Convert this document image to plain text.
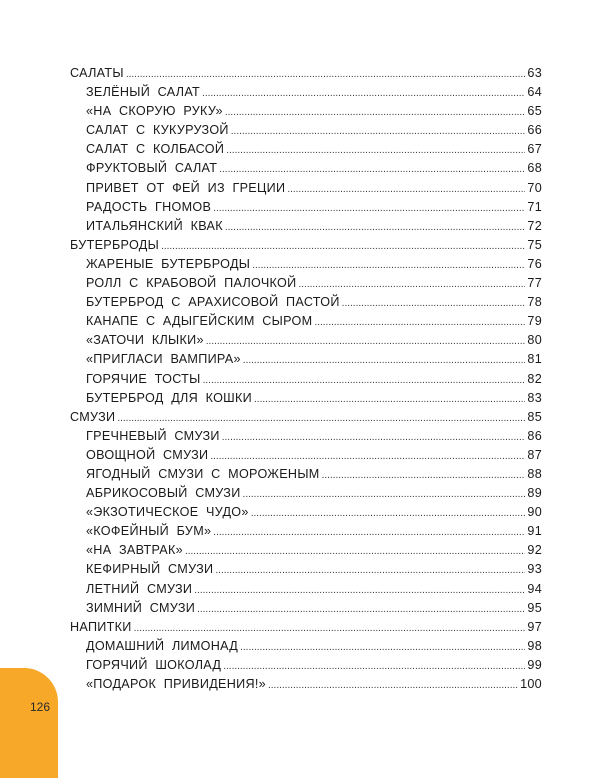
126
САЛАТЫ .....	63
ЗЕЛЁНЫЙ  САЛАТ .....	64
«НА  СКОРУЮ  РУКУ» .....	65
САЛАТ  С  КУКУРУЗОЙ .....	66
САЛАТ  С  КОЛБАСОЙ .....	67
ФРУКТОВЫЙ  САЛАТ .....	68
ПРИВЕТ  ОТ  ФЕЙ  ИЗ  ГРЕЦИИ .....	70
РАДОСТЬ  ГНОМОВ .....	71
ИТАЛЬЯНСКИЙ  КВАК .....	72
БУТЕРБРОДЫ .....	75
ЖАРЕНЫЕ  БУТЕРБРОДЫ .....	76
РОЛЛ  С  КРАБОВОЙ  ПАЛОЧКОЙ .....	77
БУТЕРБРОД  С  АРАХИСОВОЙ  ПАСТОЙ .....	78
КАНАПЕ  С  АДЫГЕЙСКИМ  СЫРОМ .....	79
«ЗАТОЧИ  КЛЫКИ» .....	80
«ПРИГЛАСИ  ВАМПИРА» .....	81
ГОРЯЧИЕ  ТОСТЫ .....	82
БУТЕРБРОД  ДЛЯ  КОШКИ .....	83
СМУЗИ .....	85
ГРЕЧНЕВЫЙ  СМУЗИ .....	86
ОВОЩНОЙ  СМУЗИ .....	87
ЯГОДНЫЙ  СМУЗИ  С  МОРОЖЕНЫМ .....	88
АБРИКОСОВЫЙ  СМУЗИ .....	89
«ЭКЗОТИЧЕСКОЕ  ЧУДО» .....	90
«КОФЕЙНЫЙ  БУМ» .....	91
«НА  ЗАВТРАК» .....	92
КЕФИРНЫЙ  СМУЗИ .....	93
ЛЕТНИЙ  СМУЗИ .....	94
ЗИМНИЙ  СМУЗИ .....	95
НАПИТКИ .....	97
ДОМАШНИЙ  ЛИМОНАД .....	98
ГОРЯЧИЙ  ШОКОЛАД .....	99
«ПОДАРОК  ПРИВИДЕНИЯ!» .....	100
